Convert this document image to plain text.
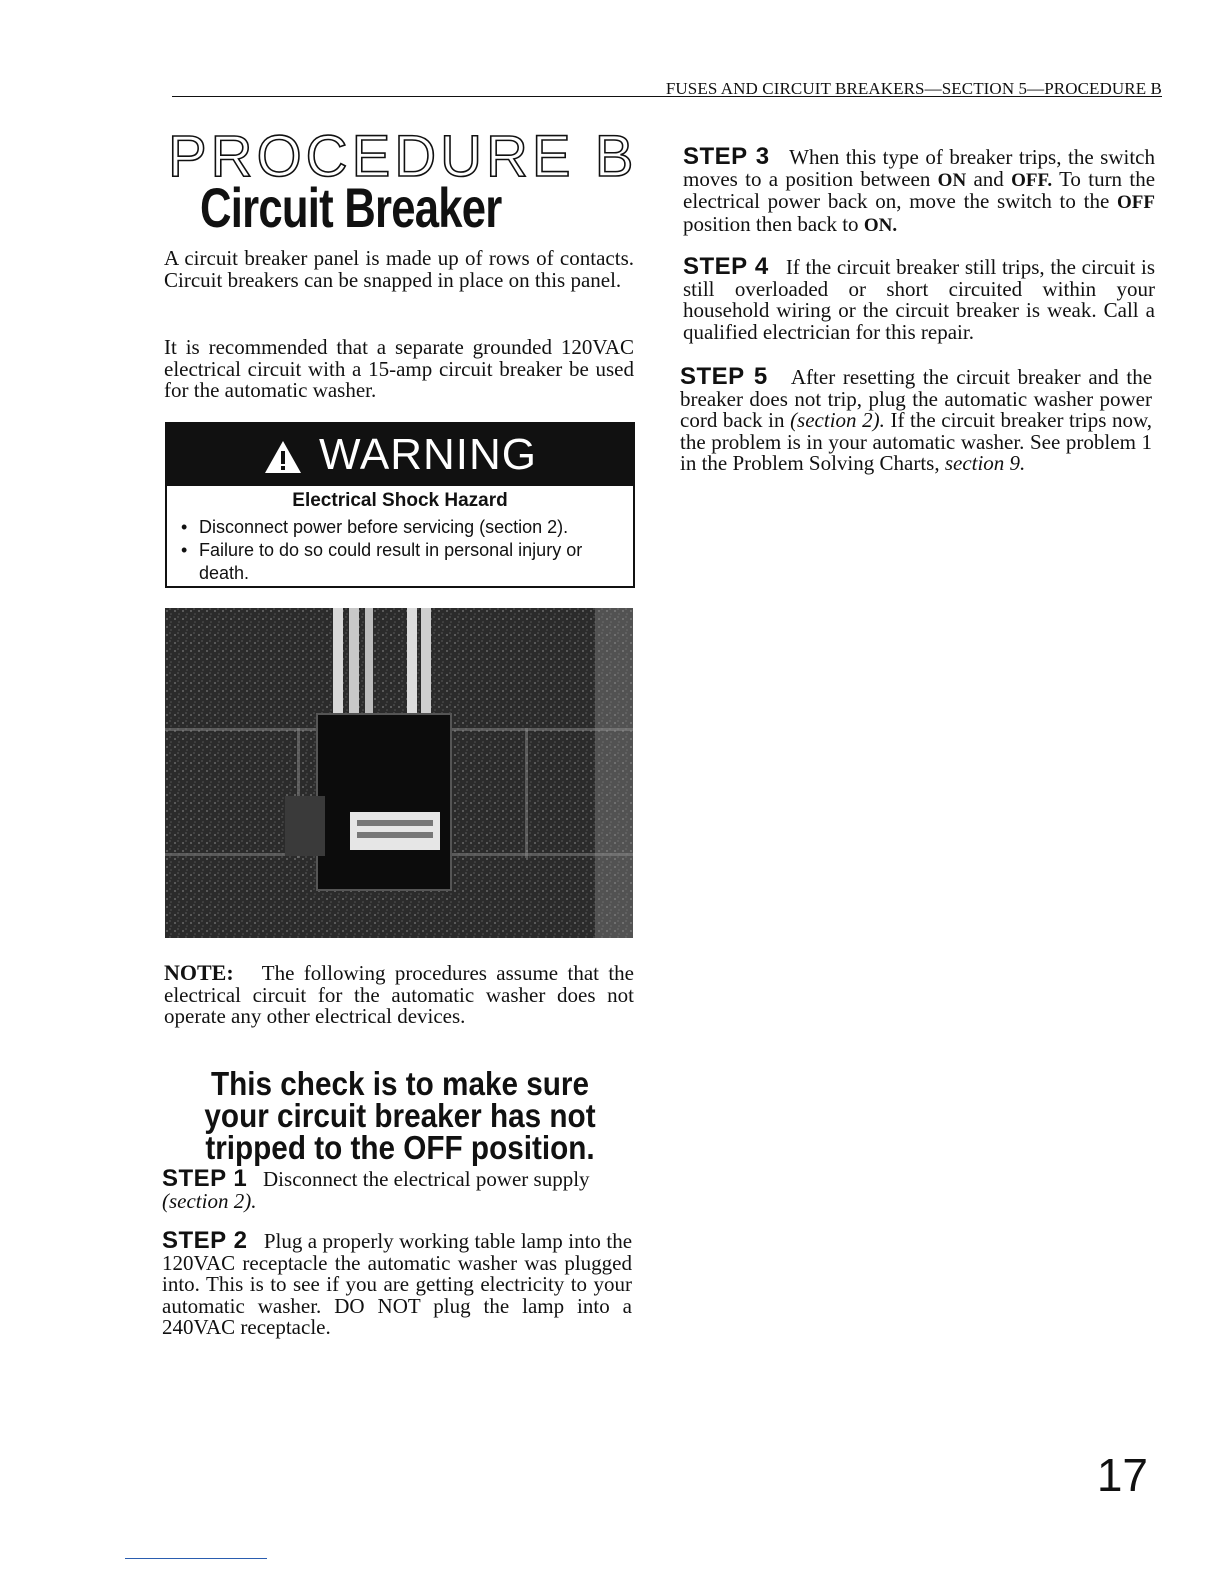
FUSES AND CIRCUIT BREAKERS—SECTION 5—PROCEDURE B
PROCEDURE B
Circuit Breaker

A circuit breaker panel is made up of rows of contacts. Circuit breakers can be snapped in place on this panel.

It is recommended that a separate grounded 120VAC electrical circuit with a 15-amp circuit breaker be used for the automatic washer.

WARNING
Electrical Shock Hazard
• Disconnect power before servicing (section 2).
• Failure to do so could result in personal injury or death.

NOTE: The following procedures assume that the electrical circuit for the automatic washer does not operate any other electrical devices.

This check is to make sure your circuit breaker has not tripped to the OFF position.

STEP 1 Disconnect the electrical power supply
(section 2).

STEP 2 Plug a properly working table lamp into the 120VAC receptacle the automatic washer was plugged into. This is to see if you are getting electricity to your automatic washer. DO NOT plug the lamp into a 240VAC receptacle.

STEP 3 When this type of breaker trips, the switch moves to a position between ON and OFF. To turn the electrical power back on, move the switch to the OFF position then back to ON.

STEP 4 If the circuit breaker still trips, the circuit is still overloaded or short circuited within your household wiring or the circuit breaker is weak. Call a qualified electrician for this repair.

STEP 5 After resetting the circuit breaker and the breaker does not trip, plug the automatic washer power cord back in (section 2). If the circuit breaker trips now, the problem is in your automatic washer. See problem 1 in the Problem Solving Charts, section 9.

17
